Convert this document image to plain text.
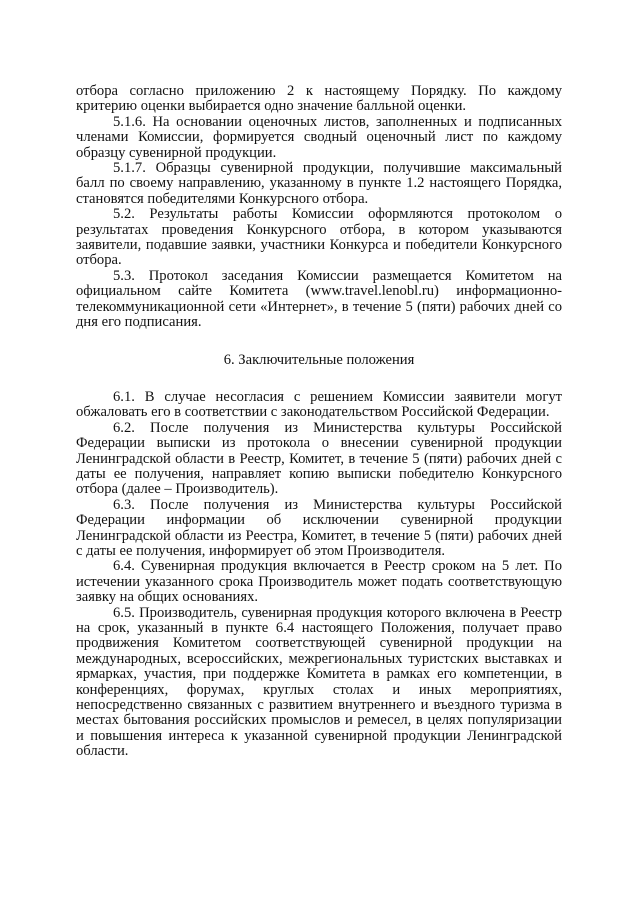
отбора согласно приложению 2 к настоящему Порядку. По каждому критерию оценки выбирается одно значение балльной оценки.

5.1.6. На основании оценочных листов, заполненных и подписанных членами Комиссии, формируется сводный оценочный лист по каждому образцу сувенирной продукции.

5.1.7. Образцы сувенирной продукции, получившие максимальный балл по своему направлению, указанному в пункте 1.2 настоящего Порядка, становятся победителями Конкурсного отбора.

5.2. Результаты работы Комиссии оформляются протоколом о результатах проведения Конкурсного отбора, в котором указываются заявители, подавшие заявки, участники Конкурса и победители Конкурсного отбора.

5.3. Протокол заседания Комиссии размещается Комитетом на официальном сайте Комитета (www.travel.lenobl.ru) информационно-телекоммуникационной сети «Интернет», в течение 5 (пяти) рабочих дней со дня его подписания.

6. Заключительные положения

6.1. В случае несогласия с решением Комиссии заявители могут обжаловать его в соответствии с законодательством Российской Федерации.

6.2. После получения из Министерства культуры Российской Федерации выписки из протокола о внесении сувенирной продукции Ленинградской области в Реестр, Комитет, в течение 5 (пяти) рабочих дней с даты ее получения, направляет копию выписки победителю Конкурсного отбора (далее – Производитель).

6.3. После получения из Министерства культуры Российской Федерации информации об исключении сувенирной продукции Ленинградской области из Реестра, Комитет, в течение 5 (пяти) рабочих дней с даты ее получения, информирует об этом Производителя.

6.4. Сувенирная продукция включается в Реестр сроком на 5 лет. По истечении указанного срока Производитель может подать соответствующую заявку на общих основаниях.

6.5. Производитель, сувенирная продукция которого включена в Реестр на срок, указанный в пункте 6.4 настоящего Положения, получает право продвижения Комитетом соответствующей сувенирной продукции на международных, всероссийских, межрегиональных туристских выставках и ярмарках, участия, при поддержке Комитета в рамках его компетенции, в конференциях, форумах, круглых столах и иных мероприятиях, непосредственно связанных с развитием внутреннего и въездного туризма в местах бытования российских промыслов и ремесел, в целях популяризации и повышения интереса к указанной сувенирной продукции Ленинградской области.
